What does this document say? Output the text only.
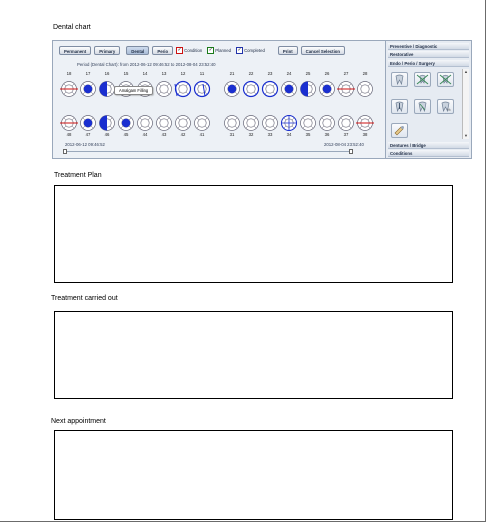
Dental chart
Permanent	Primary	Dental	Perio	✓ Condition ✓ Planned ✓ Completed	Print	Cancel Selection
Period (Dental Chart): from 2012-06-12 09:46:52 to 2012-08-04 23:52:40
18	17	16	15	14	13	12	11	21	22	23	24	25	26	27	28
48	47	46	45	44	43	42	41	31	32	33	34	35	36	37	38
Amalgam Filling
2012-06-12 09:46:52	2012-08-04 23:52:40
Preventive / Diagnostic
Restorative
Endo / Perio / Surgery
%
▲
▼
Dentures / Bridge
Conditions
Treatment Plan
Treatment carried out
Next appointment
